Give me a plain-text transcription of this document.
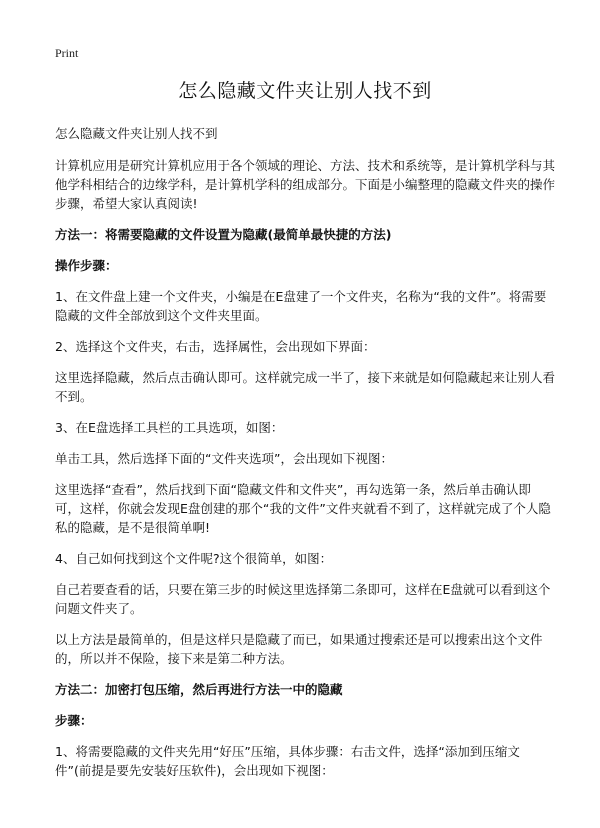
Print
怎么隐藏文件夹让别人找不到

怎么隐藏文件夹让别人找不到

计算机应用是研究计算机应用于各个领域的理论、方法、技术和系统等，是计算机学科与其他学科相结合的边缘学科，是计算机学科的组成部分。下面是小编整理的隐藏文件夹的操作步骤，希望大家认真阅读!

方法一：将需要隐藏的文件设置为隐藏(最简单最快捷的方法)
操作步骤：

1、在文件盘上建一个文件夹，小编是在E盘建了一个文件夹，名称为“我的文件”。将需要隐藏的文件全部放到这个文件夹里面。

2、选择这个文件夹，右击，选择属性，会出现如下界面：

这里选择隐藏，然后点击确认即可。这样就完成一半了，接下来就是如何隐藏起来让别人看不到。

3、在E盘选择工具栏的工具选项，如图：

单击工具，然后选择下面的“文件夹选项”，会出现如下视图：

这里选择“查看”，然后找到下面“隐藏文件和文件夹”，再勾选第一条，然后单击确认即可，这样，你就会发现E盘创建的那个“我的文件”文件夹就看不到了，这样就完成了个人隐私的隐藏，是不是很简单啊!

4、自己如何找到这个文件呢?这个很简单，如图：

自己若要查看的话，只要在第三步的时候这里选择第二条即可，这样在E盘就可以看到这个问题文件夹了。

以上方法是最简单的，但是这样只是隐藏了而已，如果通过搜索还是可以搜索出这个文件的，所以并不保险，接下来是第二种方法。

方法二：加密打包压缩，然后再进行方法一中的隐藏
步骤：

1、将需要隐藏的文件夹先用“好压”压缩，具体步骤：右击文件，选择“添加到压缩文件”(前提是要先安装好压软件)，会出现如下视图：
